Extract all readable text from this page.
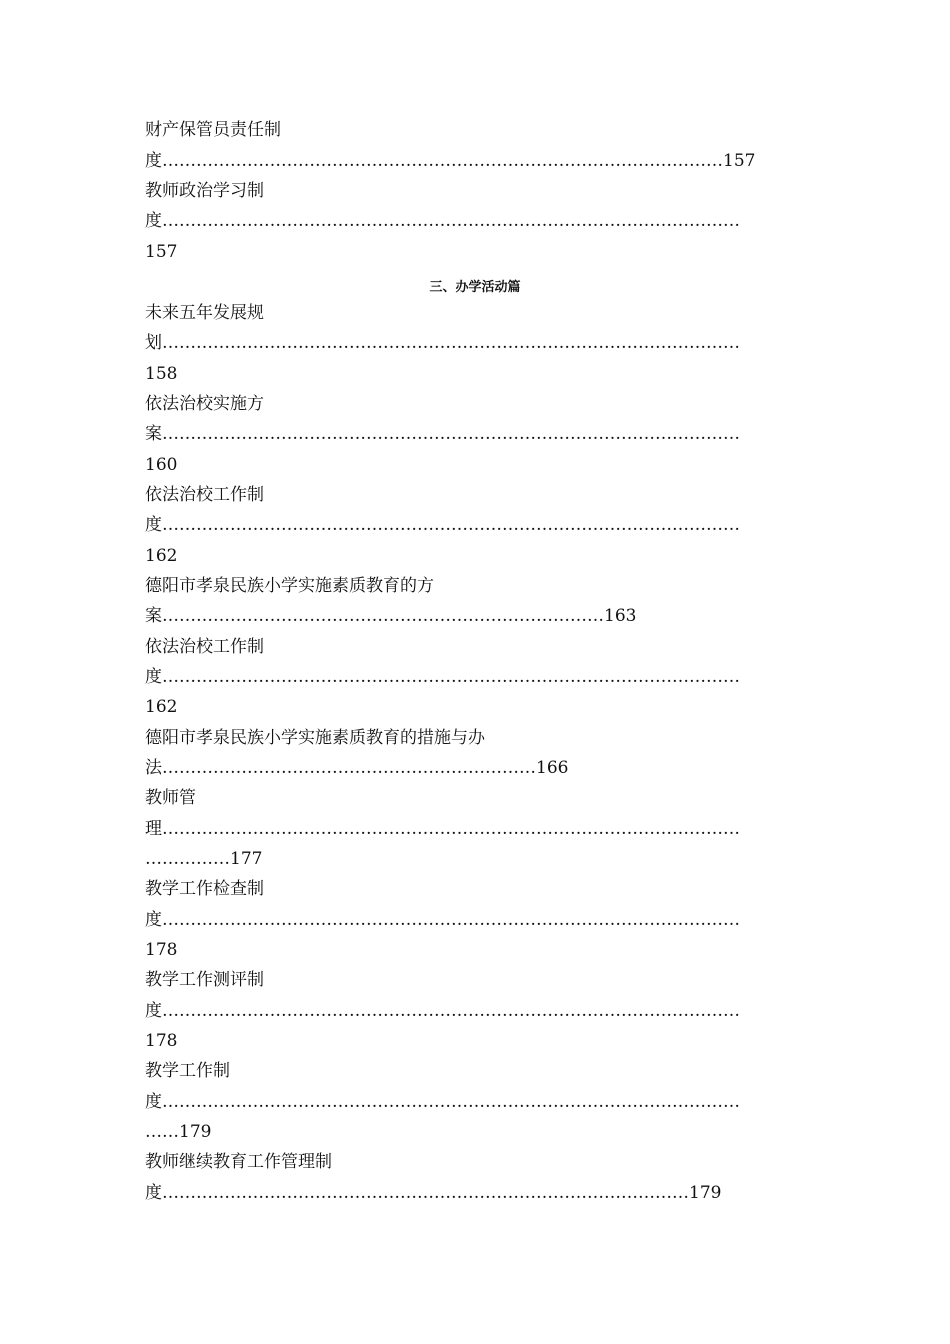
财产保管员责任制
度………………………………………………………………………………………157
教师政治学习制
度…………………………………………………………………………………………
157
三、办学活动篇
未来五年发展规
划…………………………………………………………………………………………
158
依法治校实施方
案…………………………………………………………………………………………
160
依法治校工作制
度…………………………………………………………………………………………
162
德阳市孝泉民族小学实施素质教育的方
案……………………………………………………………………163
依法治校工作制
度…………………………………………………………………………………………
162
德阳市孝泉民族小学实施素质教育的措施与办
法…………………………………………………………166
教师管
理…………………………………………………………………………………………
……………177
教学工作检查制
度…………………………………………………………………………………………
178
教学工作测评制
度…………………………………………………………………………………………
178
教学工作制
度…………………………………………………………………………………………
……179
教师继续教育工作管理制
度…………………………………………………………………………………179
